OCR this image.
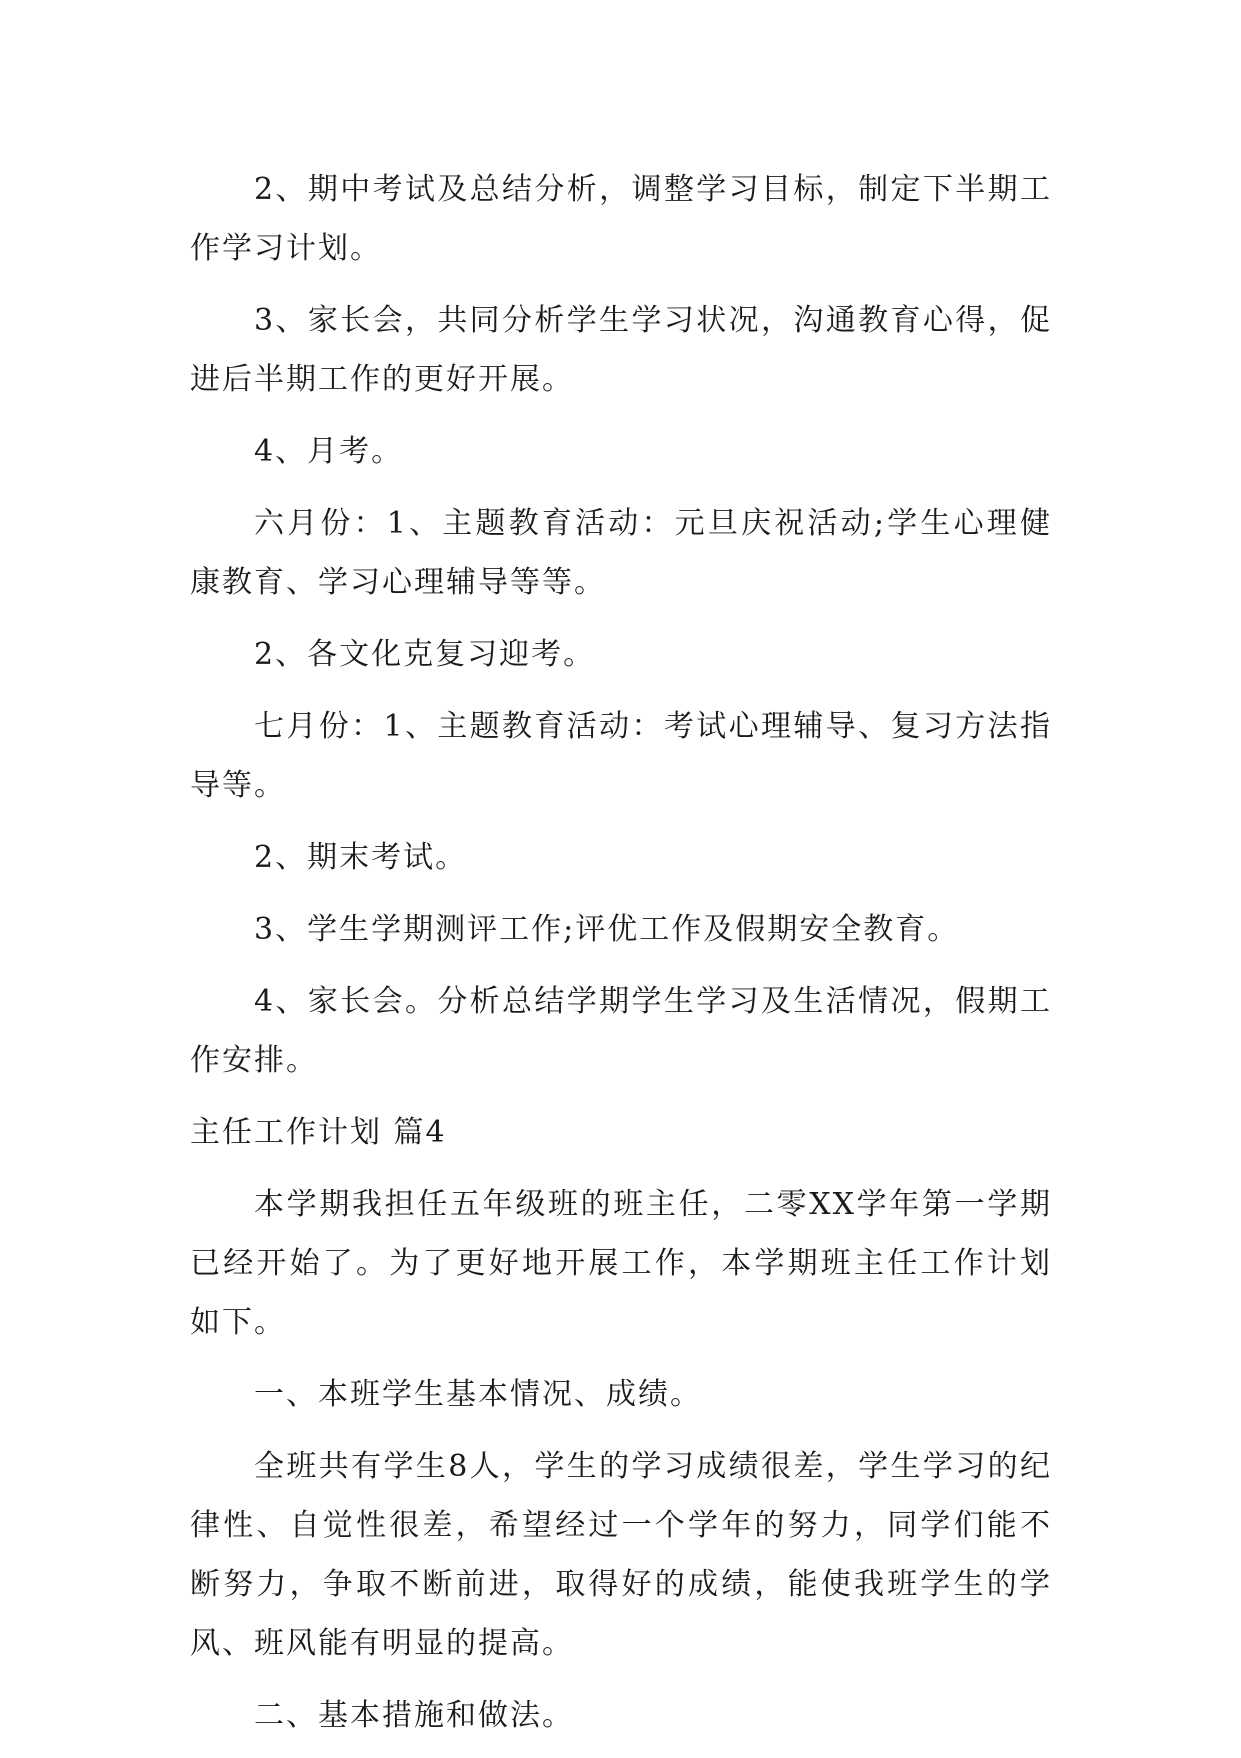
2、期中考试及总结分析，调整学习目标，制定下半期工作学习计划。

3、家长会，共同分析学生学习状况，沟通教育心得，促进后半期工作的更好开展。

4、月考。

六月份：1、主题教育活动：元旦庆祝活动;学生心理健康教育、学习心理辅导等等。

2、各文化克复习迎考。

七月份：1、主题教育活动：考试心理辅导、复习方法指导等。

2、期末考试。

3、学生学期测评工作;评优工作及假期安全教育。

4、家长会。分析总结学期学生学习及生活情况，假期工作安排。

主任工作计划 篇4

本学期我担任五年级班的班主任，二零XX学年第一学期已经开始了。为了更好地开展工作，本学期班主任工作计划如下。

一、本班学生基本情况、成绩。

全班共有学生8人，学生的学习成绩很差，学生学习的纪律性、自觉性很差，希望经过一个学年的努力，同学们能不断努力，争取不断前进，取得好的成绩，能使我班学生的学风、班风能有明显的提高。

二、基本措施和做法。
